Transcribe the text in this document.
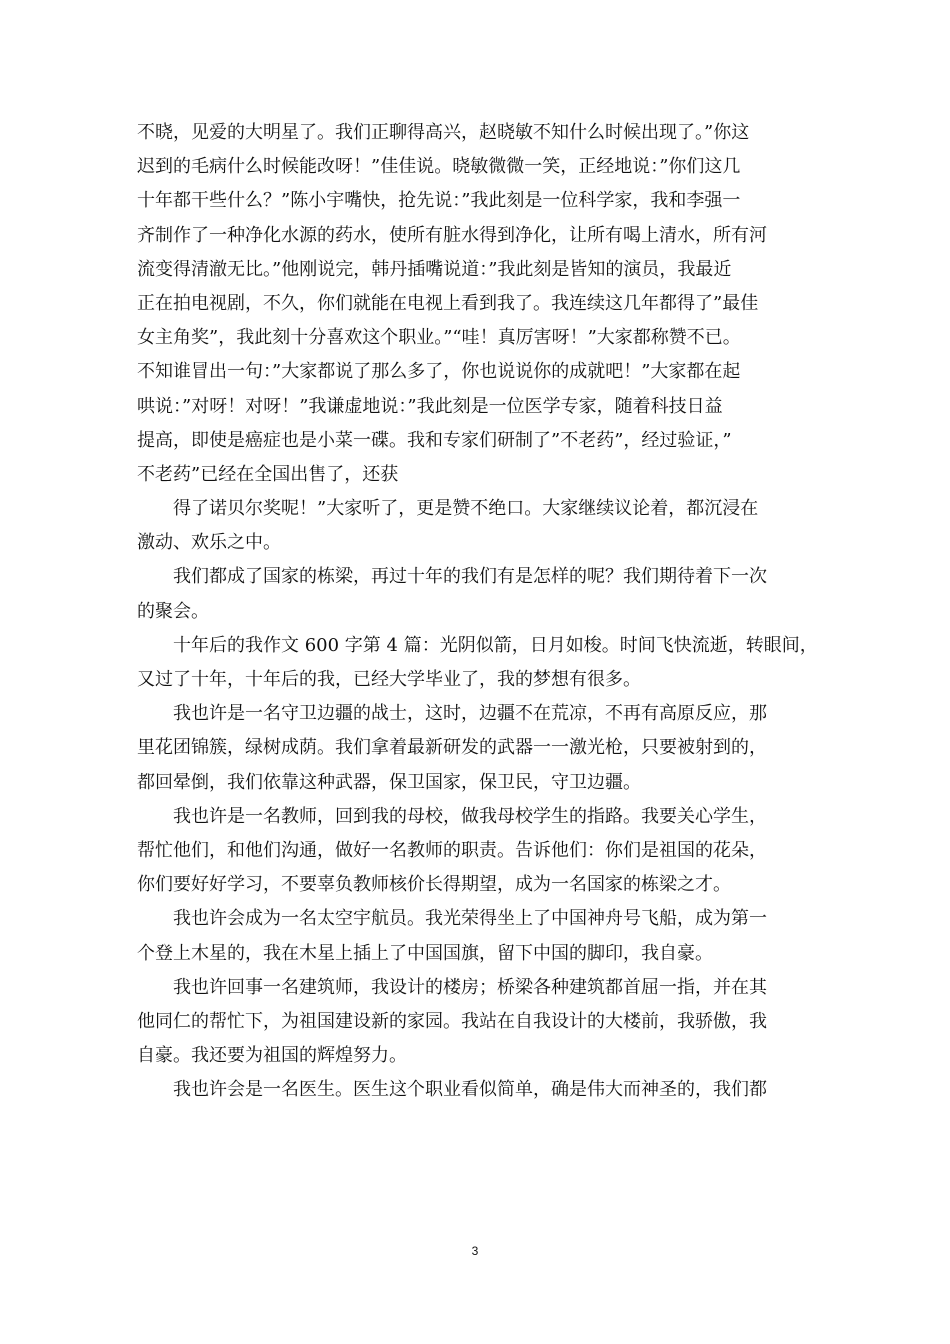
不晓，见爱的大明星了。我们正聊得高兴，赵晓敏不知什么时候出现了。”你这
迟到的毛病什么时候能改呀！”佳佳说。晓敏微微一笑，正经地说：”你们这几
十年都干些什么？”陈小宇嘴快，抢先说：”我此刻是一位科学家，我和李强一
齐制作了一种净化水源的药水，使所有脏水得到净化，让所有喝上清水，所有河
流变得清澈无比。”他刚说完，韩丹插嘴说道：”我此刻是皆知的演员，我最近
正在拍电视剧，不久，你们就能在电视上看到我了。我连续这几年都得了”最佳
女主角奖”，我此刻十分喜欢这个职业。”“哇！真厉害呀！”大家都称赞不已。
不知谁冒出一句：”大家都说了那么多了，你也说说你的成就吧！”大家都在起
哄说：”对呀！对呀！”我谦虚地说：”我此刻是一位医学专家，随着科技日益
提高，即使是癌症也是小菜一碟。我和专家们研制了”不老药”，经过验证，”
不老药”已经在全国出售了，还获
　　得了诺贝尔奖呢！”大家听了，更是赞不绝口。大家继续议论着，都沉浸在
激动、欢乐之中。
　　我们都成了国家的栋梁，再过十年的我们有是怎样的呢？我们期待着下一次
的聚会。
　　十年后的我作文 600 字第 4 篇：光阴似箭，日月如梭。时间飞快流逝，转眼间，
又过了十年，十年后的我，已经大学毕业了，我的梦想有很多。
　　我也许是一名守卫边疆的战士，这时，边疆不在荒凉，不再有高原反应，那
里花团锦簇，绿树成荫。我们拿着最新研发的武器一一激光枪，只要被射到的，
都回晕倒，我们依靠这种武器，保卫国家，保卫民，守卫边疆。
　　我也许是一名教师，回到我的母校，做我母校学生的指路。我要关心学生，
帮忙他们，和他们沟通，做好一名教师的职责。告诉他们：你们是祖国的花朵，
你们要好好学习，不要辜负教师核价长得期望，成为一名国家的栋梁之才。
　　我也许会成为一名太空宇航员。我光荣得坐上了中国神舟号飞船，成为第一
个登上木星的，我在木星上插上了中国国旗，留下中国的脚印，我自豪。
　　我也许回事一名建筑师，我设计的楼房；桥梁各种建筑都首屈一指，并在其
他同仁的帮忙下，为祖国建设新的家园。我站在自我设计的大楼前，我骄傲，我
自豪。我还要为祖国的辉煌努力。
　　我也许会是一名医生。医生这个职业看似简单，确是伟大而神圣的，我们都
3
